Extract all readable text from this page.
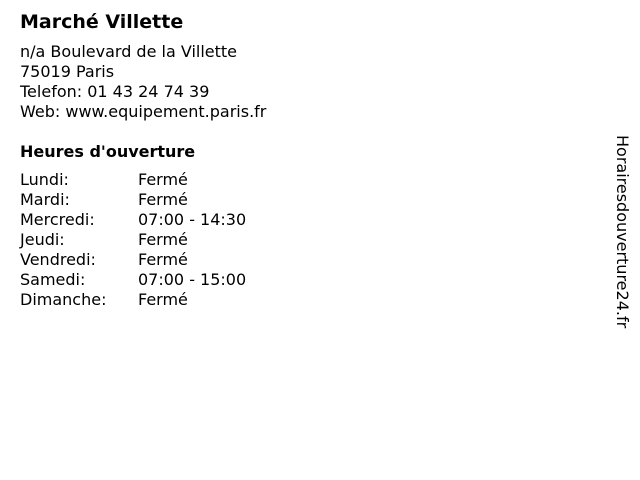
Marché Villette
n/a Boulevard de la Villette
75019 Paris
Telefon: 01 43 24 74 39
Web: www.equipement.paris.fr
Heures d'ouverture
Lundi:	Fermé
Mardi:	Fermé
Mercredi:	07:00 - 14:30
Jeudi:	Fermé
Vendredi:	Fermé
Samedi:	07:00 - 15:00
Dimanche:	Fermé	Horairesdouverture24.fr
